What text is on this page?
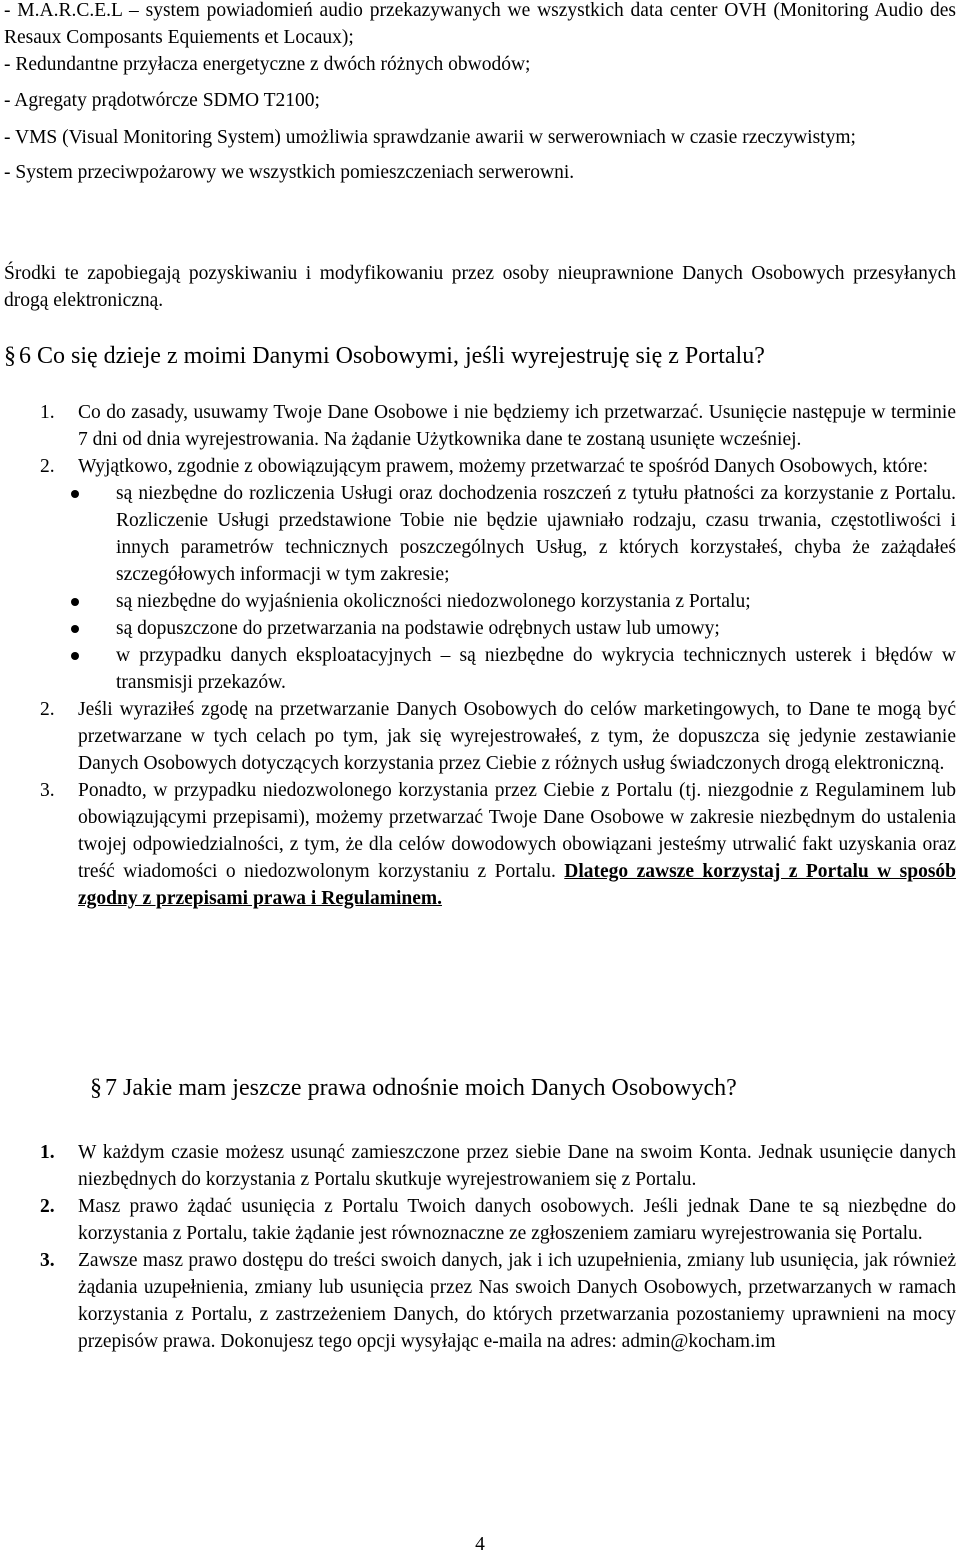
- M.A.R.C.E.L – system powiadomień audio przekazywanych we wszystkich data center OVH (Monitoring Audio des Resaux Composants Equiements et Locaux);

- Redundantne przyłacza energetyczne z dwóch różnych obwodów;

- Agregaty prądotwórcze SDMO T2100;

- VMS (Visual Monitoring System) umożliwia sprawdzanie awarii w serwerowniach w czasie rzeczywistym;

- System przeciwpożarowy we wszystkich pomieszczeniach serwerowni.

Środki te zapobiegają pozyskiwaniu i modyfikowaniu przez osoby nieuprawnione Danych Osobowych przesyłanych drogą elektroniczną.

§ 6 Co się dzieje z moimi Danymi Osobowymi, jeśli wyrejestruję się z Portalu?
1. Co do zasady, usuwamy Twoje Dane Osobowe i nie będziemy ich przetwarzać. Usunięcie następuje w terminie 7 dni od dnia wyrejestrowania. Na żądanie Użytkownika dane te zostaną usunięte wcześniej.

2. Wyjątkowo, zgodnie z obowiązującym prawem, możemy przetwarzać te spośród Danych Osobowych, które:

są niezbędne do rozliczenia Usługi oraz dochodzenia roszczeń z tytułu płatności za korzystanie z Portalu. Rozliczenie Usługi przedstawione Tobie nie będzie ujawniało rodzaju, czasu trwania, częstotliwości i innych parametrów technicznych poszczególnych Usług, z których korzystałeś, chyba że zażądałeś szczegółowych informacji w tym zakresie;

są niezbędne do wyjaśnienia okoliczności niedozwolonego korzystania z Portalu;

są dopuszczone do przetwarzania na podstawie odrębnych ustaw lub umowy;

w przypadku danych eksploatacyjnych – są niezbędne do wykrycia technicznych usterek i błędów w transmisji przekazów.

2. Jeśli wyraziłeś zgodę na przetwarzanie Danych Osobowych do celów marketingowych, to Dane te mogą być przetwarzane w tych celach po tym, jak się wyrejestrowałeś, z tym, że dopuszcza się jedynie zestawianie Danych Osobowych dotyczących korzystania przez Ciebie z różnych usług świadczonych drogą elektroniczną.

3. Ponadto, w przypadku niedozwolonego korzystania przez Ciebie z Portalu (tj. niezgodnie z Regulaminem lub obowiązującymi przepisami), możemy przetwarzać Twoje Dane Osobowe w zakresie niezbędnym do ustalenia twojej odpowiedzialności, z tym, że dla celów dowodowych obowiązani jesteśmy utrwalić fakt uzyskania oraz treść wiadomości o niedozwolonym korzystaniu z Portalu. Dlatego zawsze korzystaj z Portalu w sposób zgodny z przepisami prawa i Regulaminem.

§ 7 Jakie mam jeszcze prawa odnośnie moich Danych Osobowych?
1. W każdym czasie możesz usunąć zamieszczone przez siebie Dane na swoim Konta. Jednak usunięcie danych niezbędnych do korzystania z Portalu skutkuje wyrejestrowaniem się z Portalu.

2. Masz prawo żądać usunięcia z Portalu Twoich danych osobowych. Jeśli jednak Dane te są niezbędne do korzystania z Portalu, takie żądanie jest równoznaczne ze zgłoszeniem zamiaru wyrejestrowania się Portalu.

3. Zawsze masz prawo dostępu do treści swoich danych, jak i ich uzupełnienia, zmiany lub usunięcia, jak również żądania uzupełnienia, zmiany lub usunięcia przez Nas swoich Danych Osobowych, przetwarzanych w ramach korzystania z Portalu, z zastrzeżeniem Danych, do których przetwarzania pozostaniemy uprawnieni na mocy przepisów prawa. Dokonujesz tego opcji wysyłając e-maila na adres: admin@kocham.im

4
